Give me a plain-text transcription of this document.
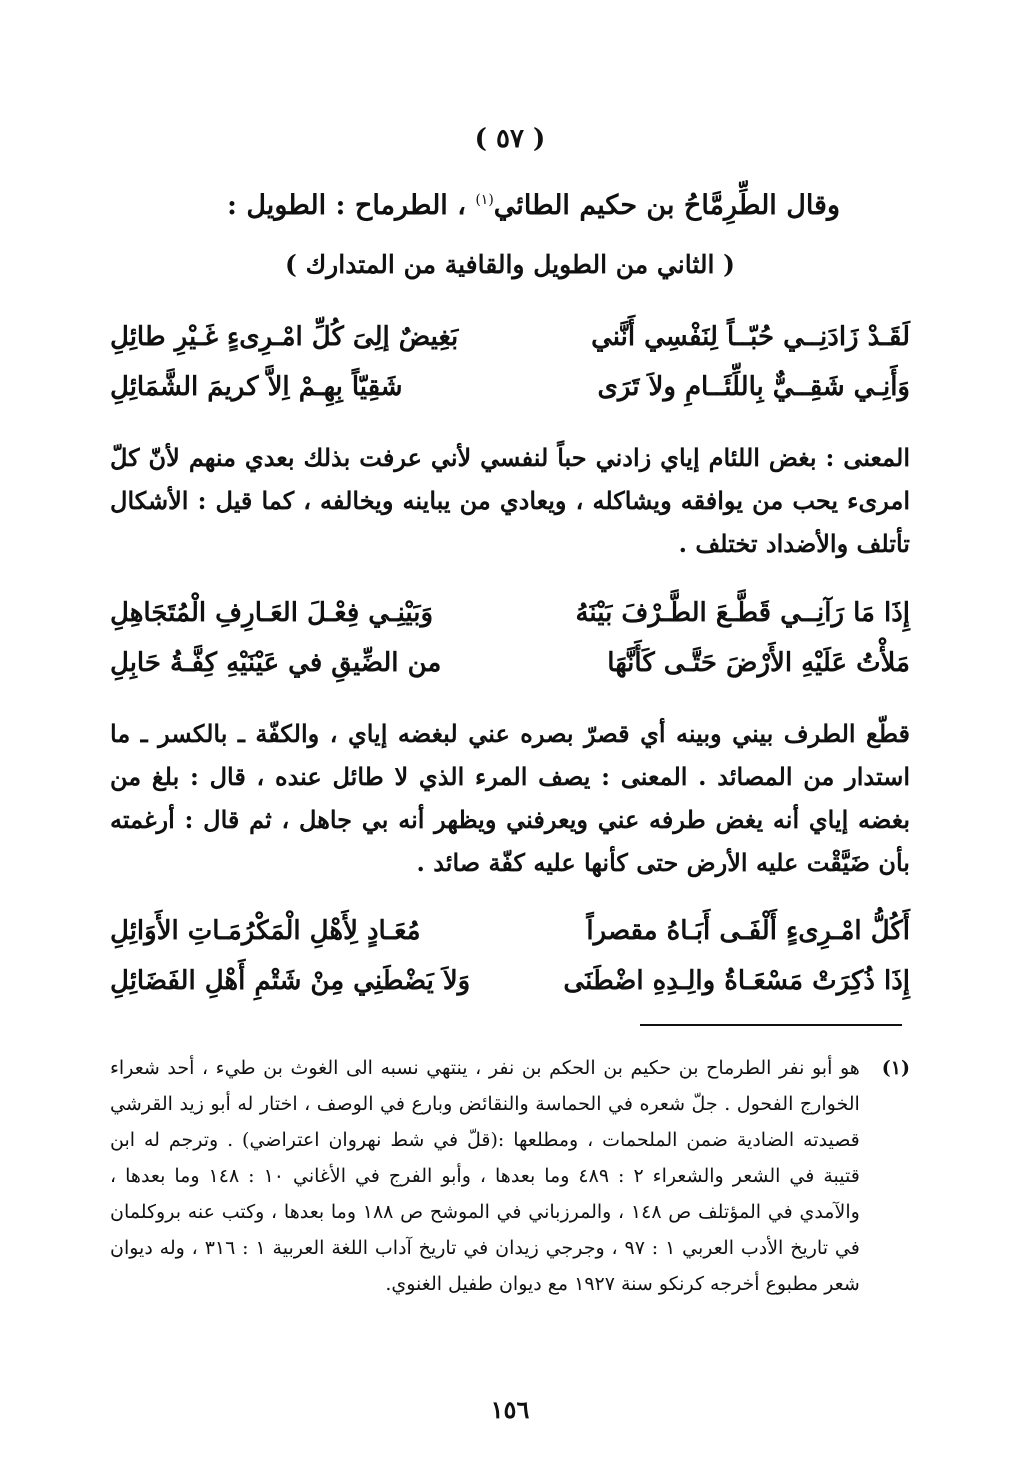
( ٥٧ )
وقال الطِّرِمَّاحُ بن حكيم الطائي$^{(١)}$ ، الطرماح : الطويل :
( الثاني من الطويل والقافية من المتدارك )
لَقَـدْ زَادَنِــي حُبّــاً لِنَفْسِي أَنَّني
بَغِيضٌ إلِىَ كُلِّ امْـرِىءٍ غَـيْرِ طائِلِ
وَأَنِـي شَقِــيٌّ بِاللِّئَــامِ ولاَ تَرَى
شَقِيّاً بِهِـمْ اِلاَّ كريمَ الشَّمَائِلِ

المعنى : بغض اللئام إياي زادني حباً لنفسي لأني عرفت بذلك بعدي منهم لأنّ كلّ امرىء يحب من يوافقه ويشاكله ، ويعادي من يباينه ويخالفه ، كما قيل : الأشكال تأتلف والأضداد تختلف .

إِذَا مَا رَآنِــي قَطَّـعَ الطَّـرْفَ بَيْنَهُ
وَبَيْنِـي فِعْـلَ العَـارِفِ الْمُتَجَاهِلِ
مَلأْتُ عَلَيْهِ الأَرْضَ حَتَّـى كَأَنَّهَا
من الضِّيقِ في عَيْنَيْهِ كِفَّـةُ حَابِلِ

قطّع الطرف بيني وبينه أي قصرّ بصره عني لبغضه إياي ، والكفّة ـ بالكسر ـ ما استدار من المصائد . المعنى : يصف المرء الذي لا طائل عنده ، قال : بلغ من بغضه إياي أنه يغض طرفه عني ويعرفني ويظهر أنه بي جاهل ، ثم قال : أرغمته بأن ضَيَّقْت عليه الأرض حتى كأنها عليه كفّة صائد .

أَكُلُّ امْـرِىءٍ أَلْفَـى أَبَـاهُ مقصراً
مُعَـادٍ لِأَهْلِ الْمَكْرُمَـاتِ الأَوَائِلِ
إِذَا ذُكِرَتْ مَسْعَـاةُ والِـدِهِ اضْطَنَى
وَلاَ يَضْطَنِي مِنْ شَتْمِ أَهْلِ الفَضَائِلِ
(١)
هو أبو نفر الطرماح بن حكيم بن الحكم بن نفر ، ينتهي نسبه الى الغوث بن طيء ، أحد شعراء الخوارج الفحول . جلّ شعره في الحماسة والنقائض وبارع في الوصف ، اختار له أبو زيد القرشي قصيدته الضادية ضمن الملحمات ، ومطلعها :(قلّ في شط نهروان اعتراضي) . وترجم له ابن قتيبة في الشعر والشعراء ٢ : ٤٨٩ وما بعدها ، وأبو الفرج في الأغاني ١٠ : ١٤٨ وما بعدها ، والآمدي في المؤتلف ص ١٤٨ ، والمرزباني في الموشح ص ١٨٨ وما بعدها ، وكتب عنه بروكلمان في تاريخ الأدب العربي ١ : ٩٧ ، وجرجي زيدان في تاريخ آداب اللغة العربية ١ : ٣١٦ ، وله ديوان شعر مطبوع أخرجه كرنكو سنة ١٩٢٧ مع ديوان طفيل الغنوي.
١٥٦
